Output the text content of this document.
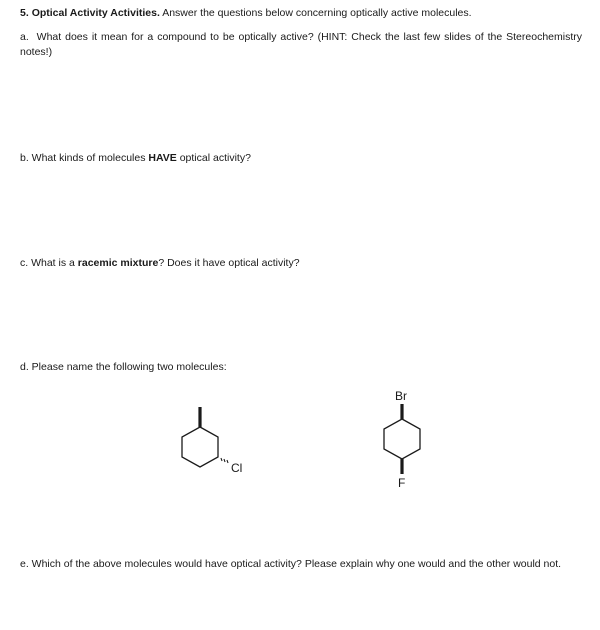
5. Optical Activity Activities. Answer the questions below concerning optically active molecules.
a. What does it mean for a compound to be optically active? (HINT: Check the last few slides of the Stereochemistry notes!)
b. What kinds of molecules HAVE optical activity?
c. What is a racemic mixture? Does it have optical activity?
d. Please name the following two molecules:
Cl
Br
F
e. Which of the above molecules would have optical activity? Please explain why one would and the other would not.
